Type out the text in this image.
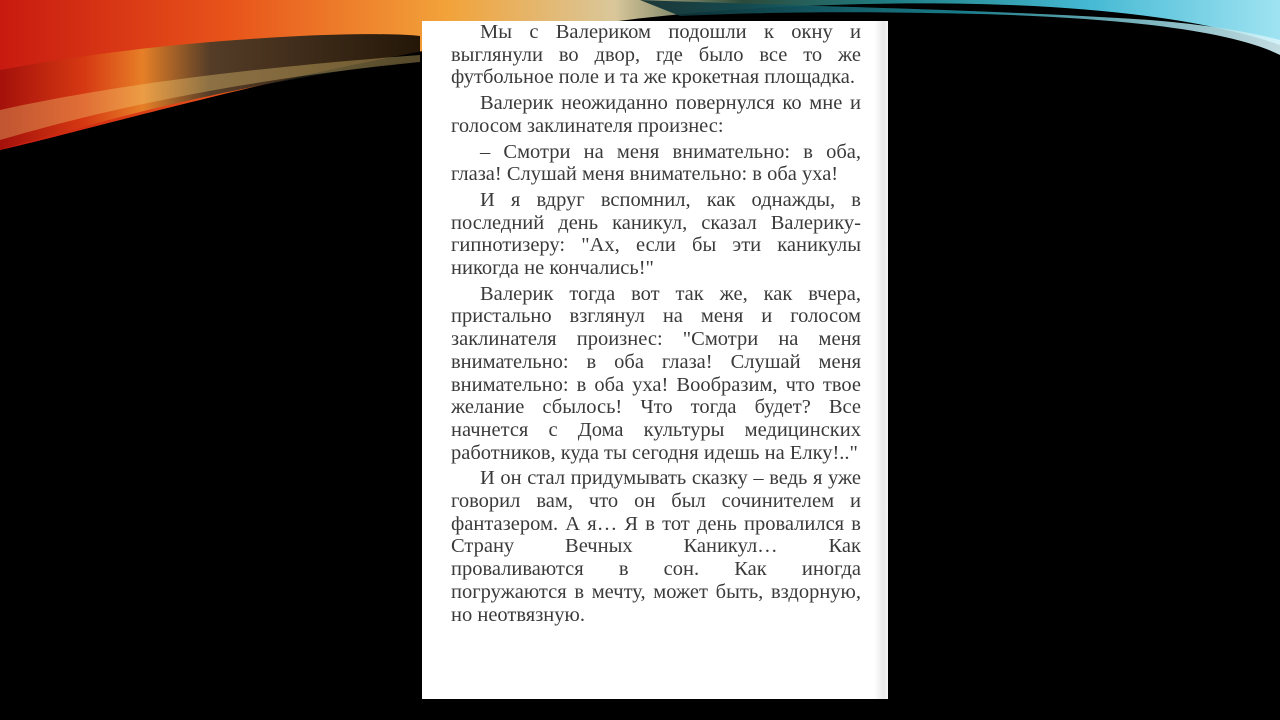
Мы с Валериком подошли к окну и выглянули во двор, где было все то же футбольное поле и та же крокетная площадка.

Валерик неожиданно повернулся ко мне и голосом заклинателя произнес:

– Смотри на меня внимательно: в оба, глаза! Слушай меня внимательно: в оба уха!

И я вдруг вспомнил, как однажды, в последний день каникул, сказал Валерику-гипнотизеру: "Ах, если бы эти каникулы никогда не кончались!"

Валерик тогда вот так же, как вчера, пристально взглянул на меня и голосом заклинателя произнес: "Смотри на меня внимательно: в оба глаза! Слушай меня внимательно: в оба уха! Вообразим, что твое желание сбылось! Что тогда будет? Все начнется с Дома культуры медицинских работников, куда ты сегодня идешь на Елку!.."

И он стал придумывать сказку – ведь я уже говорил вам, что он был сочинителем и фантазером. А я… Я в тот день провалился в Страну Вечных Каникул… Как проваливаются в сон. Как иногда погружаются в мечту, может быть, вздорную, но неотвязную.
